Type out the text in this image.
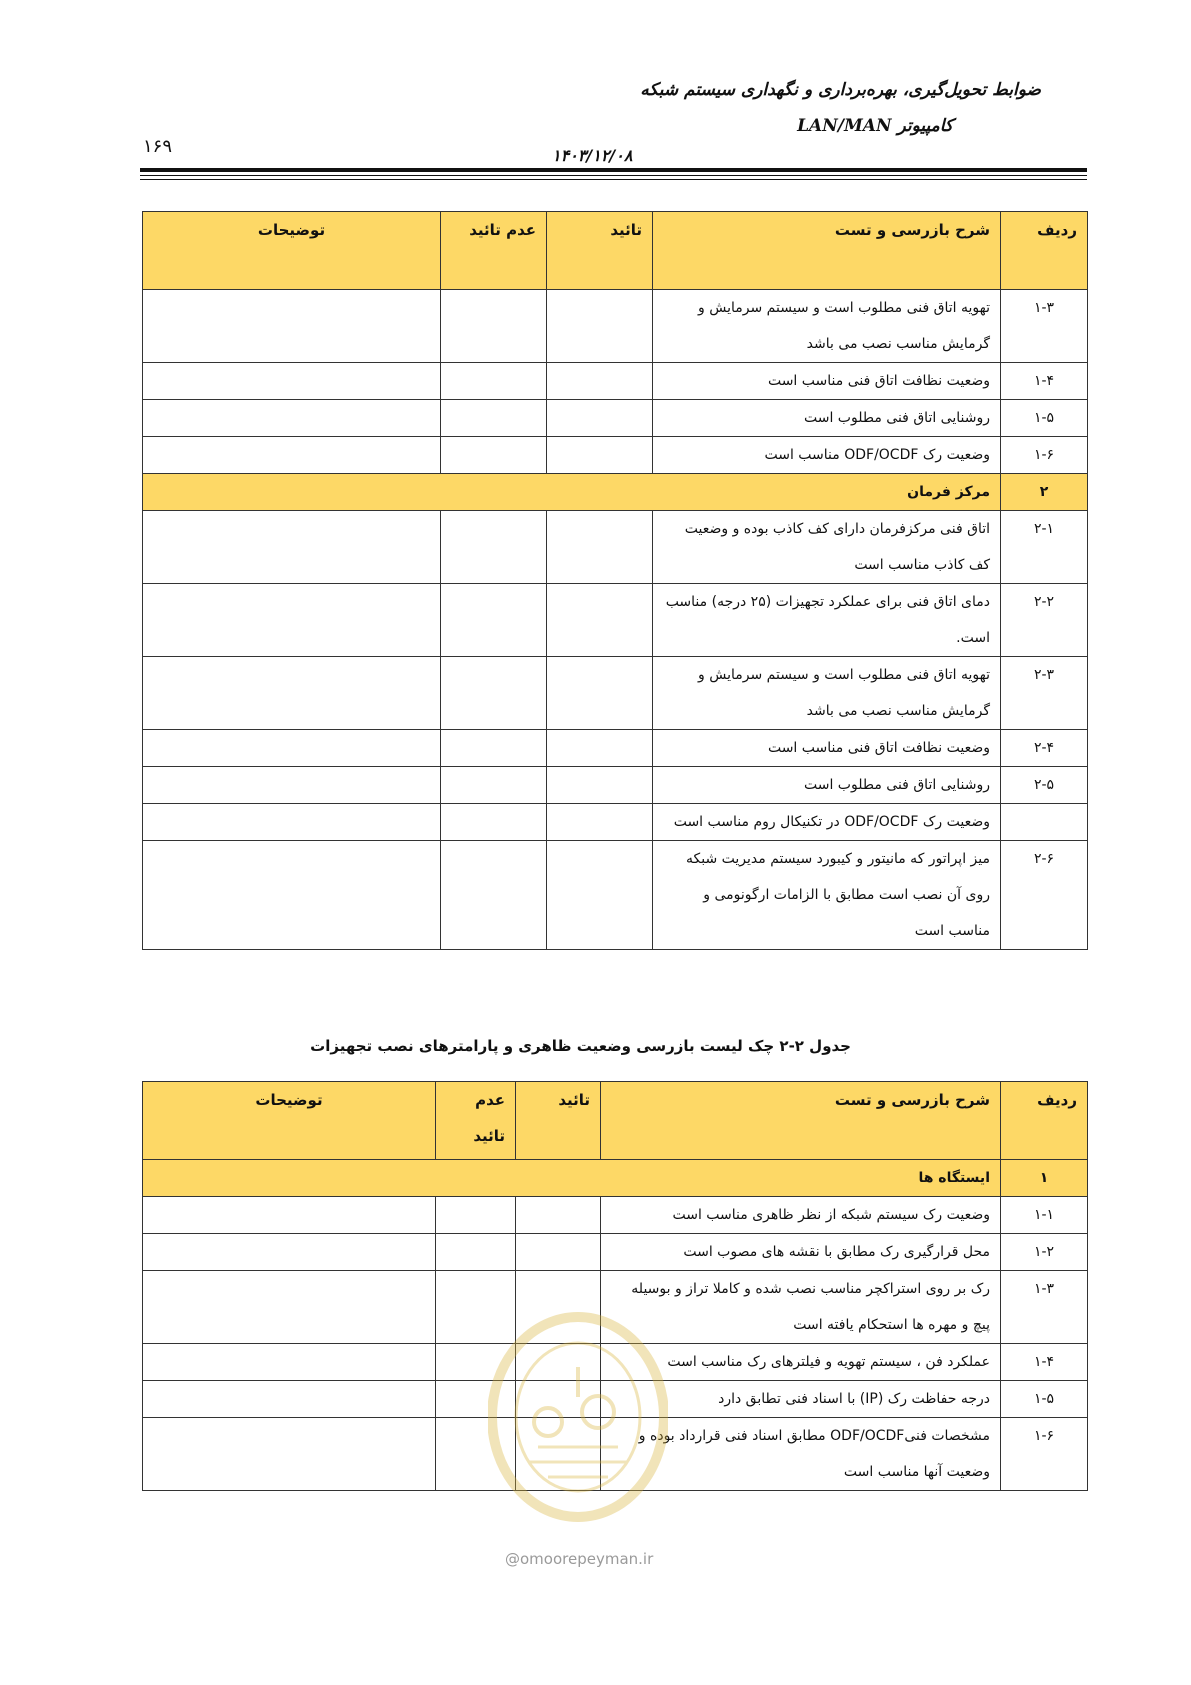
ضوابط تحویل‌گیری، بهره‌برداری و نگهداری سیستم شبکه
کامپیوتر LAN/MAN
۱۶۹	۱۴۰۳/۱۲/۰۸
ردیف	شرح بازرسی و تست	تائید	عدم تائید	توضیحات
۱-۳	تهویه اتاق فنی مطلوب است و سیستم سرمایش و گرمایش مناسب نصب می باشد			
۱-۴	وضعیت نظافت اتاق فنی مناسب است			
۱-۵	روشنایی اتاق فنی مطلوب است			
۱-۶	وضعیت رک ODF/OCDF مناسب است			
۲	مرکز فرمان			
۲-۱	اتاق فنی مرکزفرمان دارای کف کاذب بوده و وضعیت کف کاذب مناسب است			
۲-۲	دمای اتاق فنی برای عملکرد تجهیزات (۲۵ درجه) مناسب است.			
۲-۳	تهویه اتاق فنی مطلوب است و سیستم سرمایش و گرمایش مناسب نصب می باشد			
۲-۴	وضعیت نظافت اتاق فنی مناسب است			
۲-۵	روشنایی اتاق فنی مطلوب است			
	وضعیت رک ODF/OCDF در تکنیکال روم مناسب است			
۲-۶	میز اپراتور که مانیتور و کیبورد سیستم مدیریت شبکه روی آن نصب است مطابق با الزامات ارگونومی و مناسب است			
جدول ۲-۲ چک لیست بازرسی وضعیت ظاهری و پارامترهای نصب تجهیزات
ردیف	شرح بازرسی و تست	تائید	عدم تائید	توضیحات
۱	ایستگاه ها			
۱-۱	وضعیت رک سیستم شبکه از نظر ظاهری مناسب است			
۱-۲	محل قرارگیری رک مطابق با نقشه های مصوب است			
۱-۳	رک بر روی استراکچر مناسب نصب شده و کاملا تراز و بوسیله پیچ و مهره ها استحکام یافته است			
۱-۴	عملکرد فن ، سیستم تهویه و فیلترهای رک مناسب است			
۱-۵	درجه حفاظت رک (IP) با اسناد فنی تطابق دارد			
۱-۶	مشخصات فنیODF/OCDF مطابق اسناد فنی قرارداد بوده و وضعیت آنها مناسب است			
@omoorepeyman.ir
